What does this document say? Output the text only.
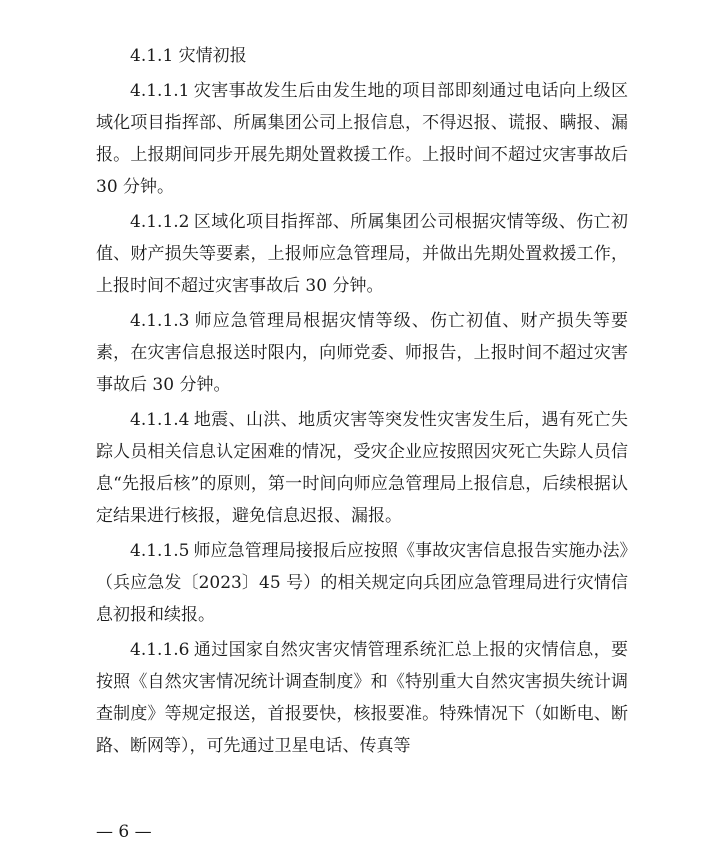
4.1.1 灾情初报

4.1.1.1 灾害事故发生后由发生地的项目部即刻通过电话向上级区域化项目指挥部、所属集团公司上报信息，不得迟报、谎报、瞒报、漏报。上报期间同步开展先期处置救援工作。上报时间不超过灾害事故后 30 分钟。

4.1.1.2 区域化项目指挥部、所属集团公司根据灾情等级、伤亡初值、财产损失等要素，上报师应急管理局，并做出先期处置救援工作，上报时间不超过灾害事故后 30 分钟。

4.1.1.3 师应急管理局根据灾情等级、伤亡初值、财产损失等要素，在灾害信息报送时限内，向师党委、师报告，上报时间不超过灾害事故后 30 分钟。

4.1.1.4 地震、山洪、地质灾害等突发性灾害发生后，遇有死亡失踪人员相关信息认定困难的情况，受灾企业应按照因灾死亡失踪人员信息“先报后核”的原则，第一时间向师应急管理局上报信息，后续根据认定结果进行核报，避免信息迟报、漏报。

4.1.1.5 师应急管理局接报后应按照《事故灾害信息报告实施办法》（兵应急发〔2023〕45 号）的相关规定向兵团应急管理局进行灾情信息初报和续报。

4.1.1.6 通过国家自然灾害灾情管理系统汇总上报的灾情信息，要按照《自然灾害情况统计调查制度》和《特别重大自然灾害损失统计调查制度》等规定报送，首报要快，核报要准。特殊情况下（如断电、断路、断网等），可先通过卫星电话、传真等

— 6 —
